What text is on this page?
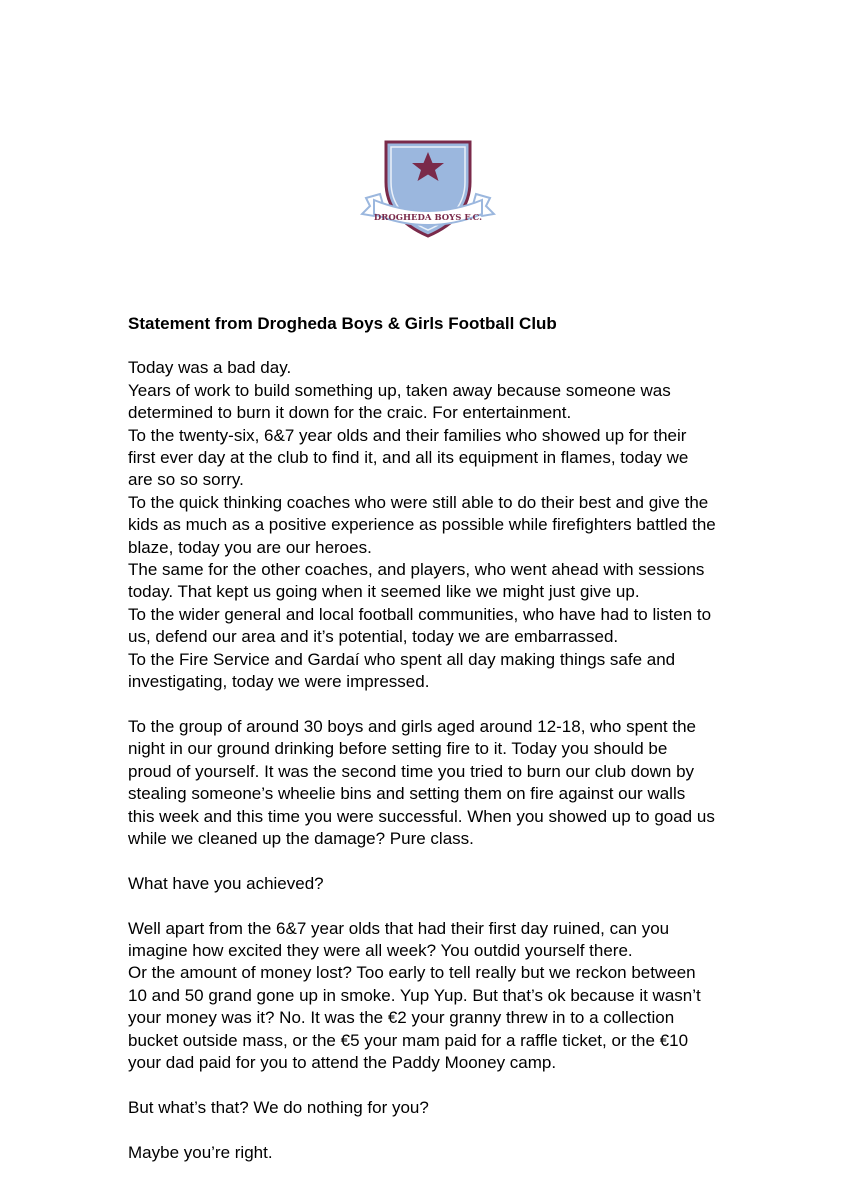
DROGHEDA BOYS F.C.
Statement from Drogheda Boys & Girls Football Club
Today was a bad day.
Years of work to build something up, taken away because someone was
determined to burn it down for the craic. For entertainment.
To the twenty-six, 6&7 year olds and their families who showed up for their
first ever day at the club to find it, and all its equipment in flames, today we
are so so sorry.
To the quick thinking coaches who were still able to do their best and give the
kids as much as a positive experience as possible while firefighters battled the
blaze, today you are our heroes.
The same for the other coaches, and players, who went ahead with sessions
today. That kept us going when it seemed like we might just give up.
To the wider general and local football communities, who have had to listen to
us, defend our area and it’s potential, today we are embarrassed.
To the Fire Service and Gardaí who spent all day making things safe and
investigating, today we were impressed.
To the group of around 30 boys and girls aged around 12-18, who spent the
night in our ground drinking before setting fire to it. Today you should be
proud of yourself. It was the second time you tried to burn our club down by
stealing someone’s wheelie bins and setting them on fire against our walls
this week and this time you were successful. When you showed up to goad us
while we cleaned up the damage? Pure class.
What have you achieved?
Well apart from the 6&7 year olds that had their first day ruined, can you
imagine how excited they were all week? You outdid yourself there.
Or the amount of money lost? Too early to tell really but we reckon between
10 and 50 grand gone up in smoke. Yup Yup. But that’s ok because it wasn’t
your money was it? No. It was the €2 your granny threw in to a collection
bucket outside mass, or the €5 your mam paid for a raffle ticket, or the €10
your dad paid for you to attend the Paddy Mooney camp.
But what’s that? We do nothing for you?
Maybe you’re right.
